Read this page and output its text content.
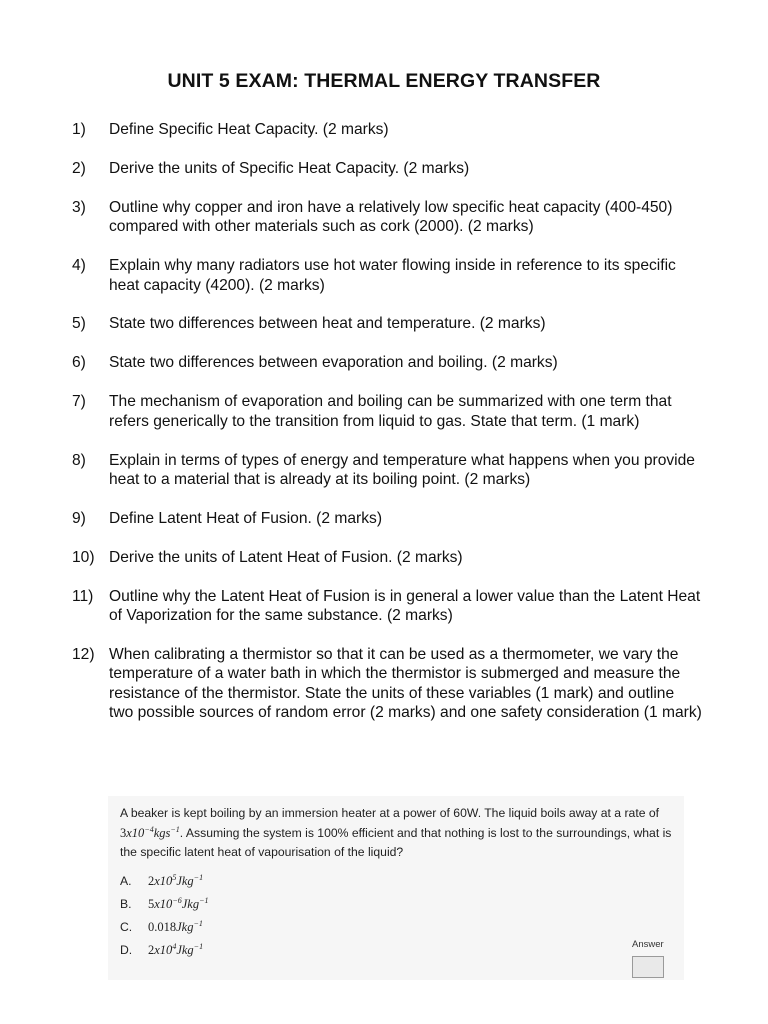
UNIT 5 EXAM: THERMAL ENERGY TRANSFER
1)	Define Specific Heat Capacity. (2 marks)
2)	Derive the units of Specific Heat Capacity. (2 marks)
3)	Outline why copper and iron have a relatively low specific heat capacity (400-450) compared with other materials such as cork (2000). (2 marks)
4)	Explain why many radiators use hot water flowing inside in reference to its specific heat capacity (4200). (2 marks)
5)	State two differences between heat and temperature. (2 marks)
6)	State two differences between evaporation and boiling. (2 marks)
7)	The mechanism of evaporation and boiling can be summarized with one term that refers generically to the transition from liquid to gas. State that term. (1 mark)
8)	Explain in terms of types of energy and temperature what happens when you provide heat to a material that is already at its boiling point. (2 marks)
9)	Define Latent Heat of Fusion. (2 marks)
10) Derive the units of Latent Heat of Fusion. (2 marks)
11)	Outline why the Latent Heat of Fusion is in general a lower value than the Latent Heat of Vaporization for the same substance. (2 marks)
12) When calibrating a thermistor so that it can be used as a thermometer, we vary the temperature of a water bath in which the thermistor is submerged and measure the resistance of the thermistor. State the units of these variables (1 mark) and outline two possible sources of random error (2 marks) and one safety consideration (1 mark)
A beaker is kept boiling by an immersion heater at a power of 60W. The liquid boils away at a rate of $3x10^{-4}kgs^{-1}$. Assuming the system is 100% efficient and that nothing is lost to the surroundings, what is the specific latent heat of vapourisation of the liquid?
A.	$2x10^5Jkg^{-1}$
B.	$5x10^{-6}Jkg^{-1}$
C.	0.018Jkg$^{-1}$
D.	$2x10^4Jkg^{-1}$	Answer
